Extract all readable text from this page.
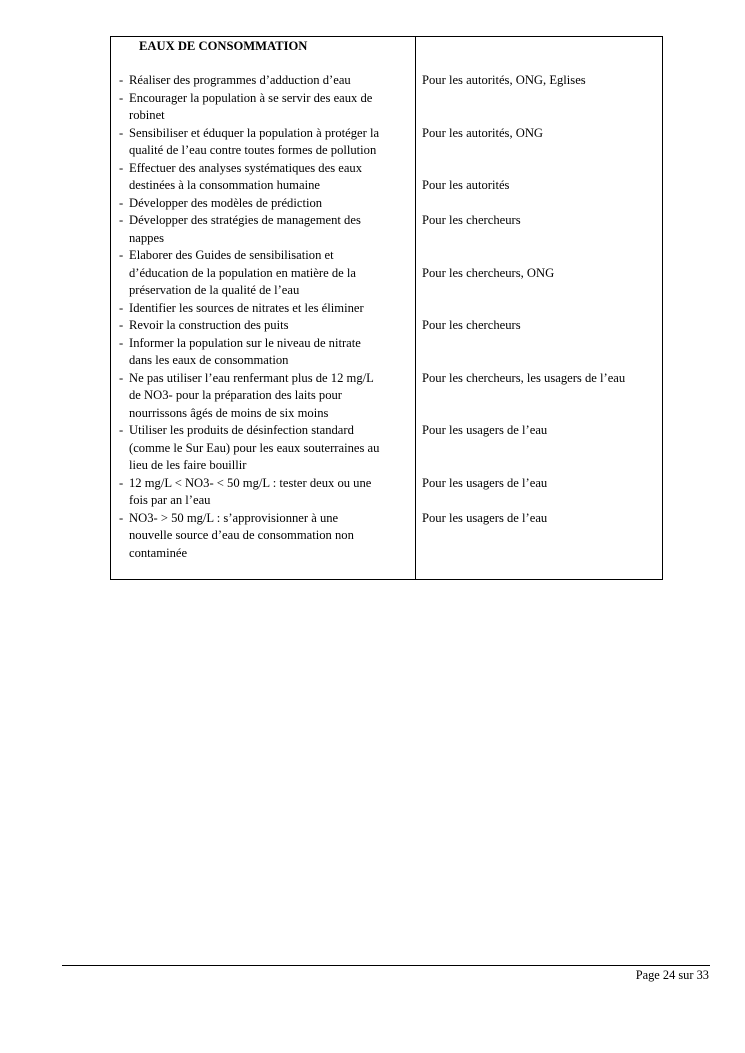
EAUX DE CONSOMMATION
- Réaliser des programmes d’adduction d’eau
- Encourager la population à se servir des eaux de
robinet
- Sensibiliser et éduquer la population à protéger la
qualité de l’eau contre toutes formes de pollution
- Effectuer des analyses systématiques des eaux
destinées à la consommation humaine
- Développer des modèles de prédiction
- Développer des stratégies de management des
nappes
- Elaborer des Guides de sensibilisation et
d’éducation de la population en matière de la
préservation de la qualité de l’eau
- Identifier les sources de nitrates et les éliminer
- Revoir la construction des puits
- Informer la population sur le niveau de nitrate
dans les eaux de consommation
- Ne pas utiliser l’eau renfermant plus de 12 mg/L
de NO3- pour la préparation des laits pour
nourrissons âgés de moins de six moins
- Utiliser les produits de désinfection standard
(comme le Sur Eau) pour les eaux souterraines au
lieu de les faire bouillir
- 12 mg/L < NO3- < 50 mg/L : tester deux ou une
fois par an l’eau
- NO3- > 50 mg/L : s’approvisionner à une
nouvelle source d’eau de consommation non
contaminée
Pour les autorités, ONG, Eglises
Pour les autorités, ONG
Pour les autorités
Pour les chercheurs
Pour les chercheurs, ONG
Pour les chercheurs
Pour les chercheurs, les usagers de l’eau
Pour les usagers de l’eau
Pour les usagers de l’eau
Pour les usagers de l’eau
Page 24 sur 33
